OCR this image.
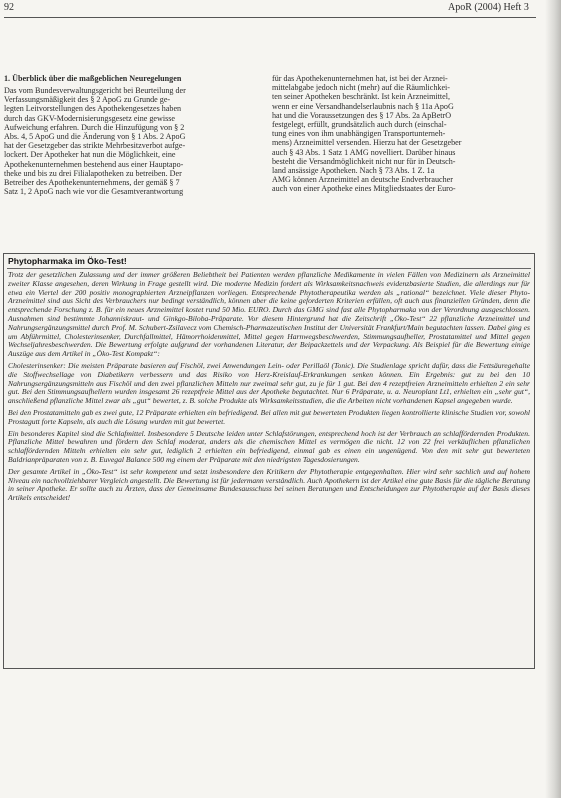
92	ApoR (2004) Heft 3
1. Überblick über die maßgeblichen Neuregelungen
Das vom Bundesverwaltungsgericht bei Beurteilung der
Verfassungsmäßigkeit des § 2 ApoG zu Grunde ge-
legten Leitvorstellungen des Apothekengesetzes haben
durch das GKV-Modernisierungsgesetz eine gewisse
Aufweichung erfahren. Durch die Hinzufügung von § 2
Abs. 4, 5 ApoG und die Änderung von § 1 Abs. 2 ApoG
hat der Gesetzgeber das strikte Mehrbesitzverbot aufge-
lockert. Der Apotheker hat nun die Möglichkeit, eine
Apothekenunternehmen bestehend aus einer Hauptapo-
theke und bis zu drei Filialapotheken zu betreiben. Der
Betreiber des Apothekenunternehmens, der gemäß § 7
Satz 1, 2 ApoG nach wie vor die Gesamtverantwortung
für das Apothekenunternehmen hat, ist bei der Arznei-
mittelabgabe jedoch nicht (mehr) auf die Räumlichkei-
ten seiner Apotheken beschränkt. Ist kein Arzneimittel,
wenn er eine Versandhandelserlaubnis nach § 11a ApoG
hat und die Voraussetzungen des § 17 Abs. 2a ApBetrO
festgelegt, erfüllt, grundsätzlich auch durch (einschal-
tung eines von ihm unabhängigen Transportunterneh-
mens) Arzneimittel versenden. Hierzu hat der Gesetzgeber
auch § 43 Abs. 1 Satz 1 AMG novelliert. Darüber hinaus
besteht die Versandmöglichkeit nicht nur für in Deutsch-
land ansässige Apotheken. Nach § 73 Abs. 1 Z. 1a
AMG können Arzneimittel an deutsche Endverbraucher
auch von einer Apotheke eines Mitgliedstaates der Euro-
Phytopharmaka im Öko-Test!

Trotz der gesetzlichen Zulassung und der immer größeren Beliebtheit bei Patienten werden pflanzliche Medikamente in vielen Fällen von Medizinern als Arzneimittel zweiter Klasse angesehen, deren Wirkung in Frage gestellt wird. Die moderne Medizin fordert als Wirksamkeitsnachweis evidenzbasierte Studien, die allerdings nur für etwa ein Viertel der 200 positiv monographierten Arzneipflanzen vorliegen. Entsprechende Phytotherapeutika werden als „rational“ bezeichnet. Viele dieser Phyto-Arzneimittel sind aus Sicht des Verbrauchers nur bedingt verständlich, können aber die keine geforderten Kriterien erfüllen, oft auch aus finanziellen Gründen, denn die entsprechende Forschung z. B. für ein neues Arzneimittel kostet rund 50 Mio. EURO. Durch das GMG sind fast alle Phytopharmaka von der Verordnung ausgeschlossen. Ausnahmen sind bestimmte Johanniskraut- und Ginkgo-Biloba-Präparate. Vor diesem Hintergrund hat die Zeitschrift „Öko-Test“ 22 pflanzliche Arzneimittel und Nahrungsergänzungsmittel durch Prof. M. Schubert-Zsilavecz vom Chemisch-Pharmazeutischen Institut der Universität Frankfurt/Main begutachten lassen. Dabei ging es um Abführmittel, Cholesterinsenker, Durchfallmittel, Hämorrhoidenmittel, Mittel gegen Harnwegsbeschwerden, Stimmungsaufheller, Prostatamittel und Mittel gegen Wechseljahresbeschwerden. Die Bewertung erfolgte aufgrund der vorhandenen Literatur, der Beipackzettels und der Verpackung. Als Beispiel für die Bewertung einige Auszüge aus dem Artikel in „Öko-Test Kompakt“:

Cholesterinsenker: Die meisten Präparate basieren auf Fischöl, zwei Anwendungen Lein- oder Perillaöl (Tonic). Die Studienlage spricht dafür, dass die Fettsäuregehalte die Stoffwechsellage von Diabetikern verbessern und das Risiko von Herz-Kreislauf-Erkrankungen senken können. Ein Ergebnis: gut zu bei den 10 Nahrungsergänzungsmitteln aus Fischöl und den zwei pflanzlichen Mitteln nur zweimal sehr gut, zu je für 1 gut. Bei den 4 rezeptfreien Arzneimitteln erhielten 2 ein sehr gut. Bei den Stimmungsaufhellern wurden insgesamt 26 rezeptfreie Mittel aus der Apotheke begutachtet. Nur 6 Präparate, u. a. Neuroplant Lt1, erhielten ein „sehr gut“, anschließend pflanzliche Mittel zwar als „gut“ bewertet, z. B. solche Produkte als Wirksamkeitsstudien, die die Arbeiten nicht vorhandenen Kapsel angegeben wurde.

Bei den Prostatamitteln gab es zwei gute, 12 Präparate erhielten ein befriedigend. Bei allen mit gut bewerteten Produkten liegen kontrollierte klinische Studien vor, sowohl Prostagutt forte Kapseln, als auch die Lösung wurden mit gut bewertet.

Ein besonderes Kapitel sind die Schlafmittel. Insbesondere 5 Deutsche leiden unter Schlafstörungen, entsprechend hoch ist der Verbrauch an schlaffördernden Produkten. Pflanzliche Mittel bewahren und fördern den Schlaf moderat, anders als die chemischen Mittel es vermögen die nicht. 12 von 22 frei verkäuflichen pflanzlichen schlaffördernden Mitteln erhielten ein sehr gut, lediglich 2 erhielten ein befriedigend, einmal gab es einen ein ungenügend. Von den mit sehr gut bewerteten Baldrianpräparaten von z. B. Euvegal Balance 500 mg einem der Präparate mit den niedrigsten Tagesdosierungen.

Der gesamte Artikel in „Öko-Test“ ist sehr kompetent und setzt insbesondere den Kritikern der Phytotherapie entgegenhalten. Hier wird sehr sachlich und auf hohem Niveau ein nachvollziehbarer Vergleich angestellt. Die Bewertung ist für jedermann verständlich. Auch Apothekern ist der Artikel eine gute Basis für die tägliche Beratung in seiner Apotheke. Er sollte auch zu Ärzten, dass der Gemeinsame Bundesausschuss bei seinen Beratungen und Entscheidungen zur Phytotherapie auf der Basis dieses Artikels entscheidet!
